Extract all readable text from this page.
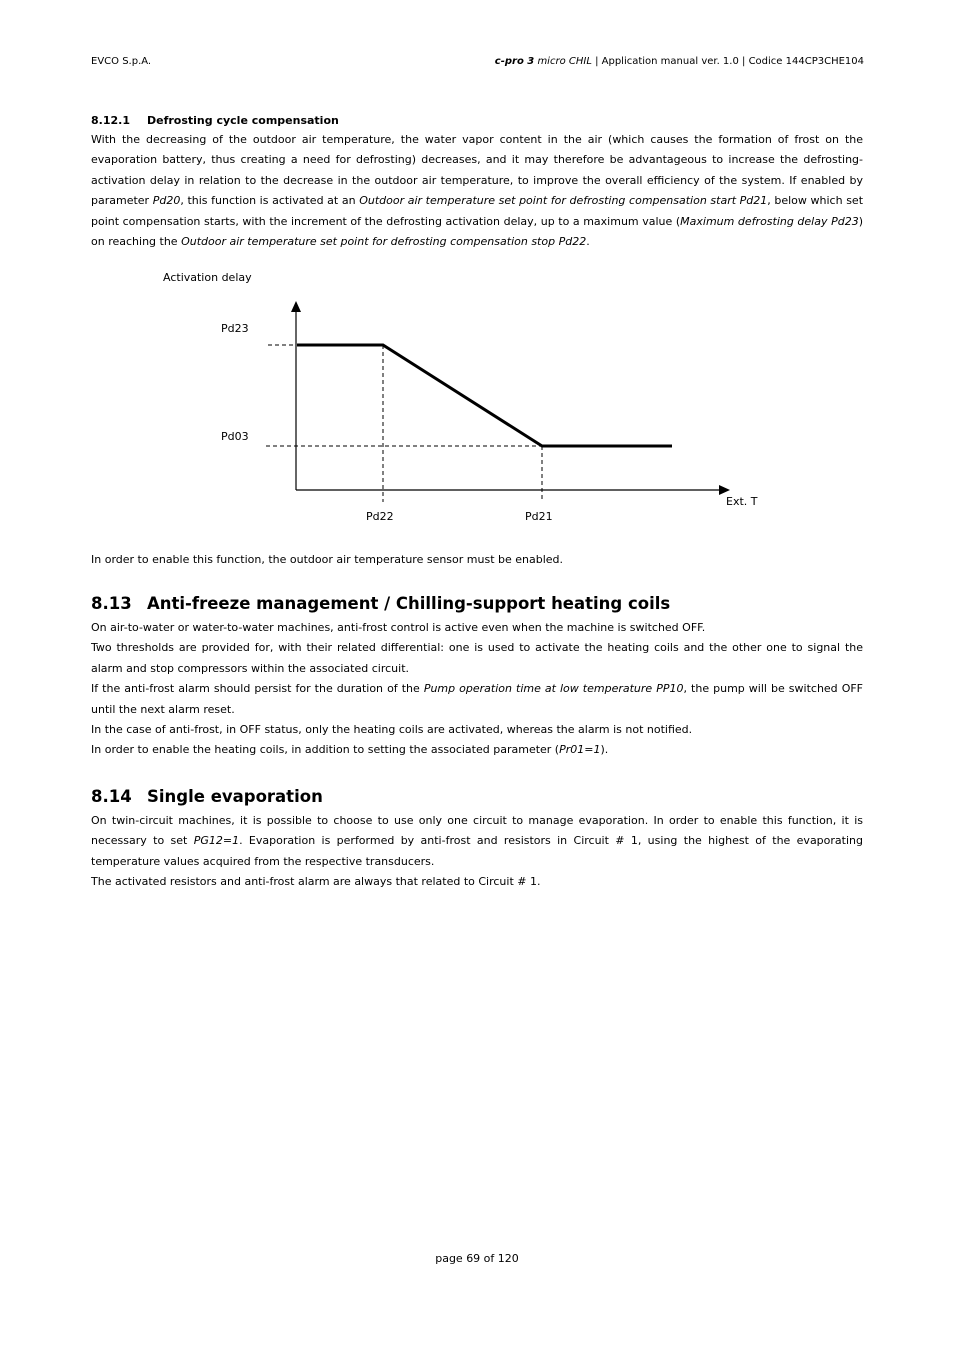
EVCO S.p.A.	c-pro 3 micro CHIL | Application manual ver. 1.0 | Codice 144CP3CHE104
8.12.1 Defrosting cycle compensation

With the decreasing of the outdoor air temperature, the water vapor content in the air (which causes the formation of frost on the evaporation battery, thus creating a need for defrosting) decreases, and it may therefore be advantageous to increase the defrosting-activation delay in relation to the decrease in the outdoor air temperature, to improve the overall efficiency of the system. If enabled by parameter Pd20, this function is activated at an Outdoor air temperature set point for defrosting compensation start Pd21, below which set point compensation starts, with the increment of the defrosting activation delay, up to a maximum value (Maximum defrosting delay Pd23) on reaching the Outdoor air temperature set point for defrosting compensation stop Pd22.

Activation delay
Pd23
Pd03
Ext. T
Pd22	Pd21

In order to enable this function, the outdoor air temperature sensor must be enabled.

8.13 Anti-freeze management / Chilling-support heating coils

On air-to-water or water-to-water machines, anti-frost control is active even when the machine is switched OFF.

Two thresholds are provided for, with their related differential: one is used to activate the heating coils and the other one to signal the alarm and stop compressors within the associated circuit.

If the anti-frost alarm should persist for the duration of the Pump operation time at low temperature PP10, the pump will be switched OFF until the next alarm reset.

In the case of anti-frost, in OFF status, only the heating coils are activated, whereas the alarm is not notified.

In order to enable the heating coils, in addition to setting the associated parameter (Pr01=1).

8.14 Single evaporation

On twin-circuit machines, it is possible to choose to use only one circuit to manage evaporation. In order to enable this function, it is necessary to set PG12=1. Evaporation is performed by anti-frost and resistors in Circuit # 1, using the highest of the evaporating temperature values acquired from the respective transducers.

The activated resistors and anti-frost alarm are always that related to Circuit # 1.

page 69 of 120
